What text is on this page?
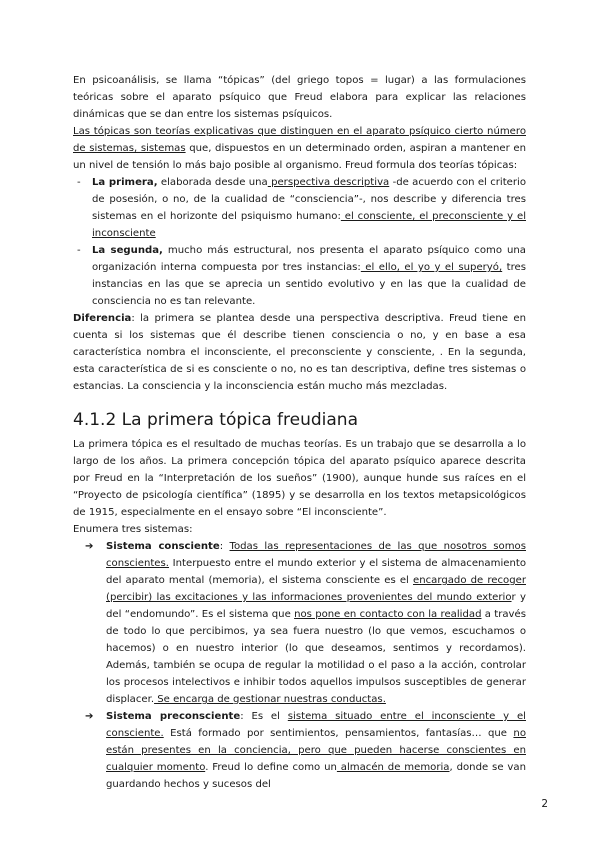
En psicoanálisis, se llama “tópicas” (del griego topos = lugar) a las formulaciones teóricas sobre el aparato psíquico que Freud elabora para explicar las relaciones dinámicas que se dan entre los sistemas psíquicos.

Las tópicas son teorías explicativas que distinguen en el aparato psíquico cierto número de sistemas, sistemas que, dispuestos en un determinado orden, aspiran a mantener en un nivel de tensión lo más bajo posible al organismo. Freud formula dos teorías tópicas:

- La primera, elaborada desde una perspectiva descriptiva -de acuerdo con el criterio de posesión, o no, de la cualidad de “consciencia”-, nos describe y diferencia tres sistemas en el horizonte del psiquismo humano: el consciente, el preconsciente y el inconsciente
- La segunda, mucho más estructural, nos presenta el aparato psíquico como una organización interna compuesta por tres instancias: el ello, el yo y el superyó, tres instancias en las que se aprecia un sentido evolutivo y en las que la cualidad de consciencia no es tan relevante.

Diferencia: la primera se plantea desde una perspectiva descriptiva. Freud tiene en cuenta si los sistemas que él describe tienen consciencia o no, y en base a esa característica nombra el inconsciente, el preconsciente y consciente, . En la segunda, esta característica de si es consciente o no, no es tan descriptiva, define tres sistemas o estancias. La consciencia y la inconsciencia están mucho más mezcladas.

4.1.2 La primera tópica freudiana

La primera tópica es el resultado de muchas teorías. Es un trabajo que se desarrolla a lo largo de los años. La primera concepción tópica del aparato psíquico aparece descrita por Freud en la “Interpretación de los sueños” (1900), aunque hunde sus raíces en el “Proyecto de psicología científica” (1895) y se desarrolla en los textos metapsicológicos de 1915, especialmente en el ensayo sobre “El inconsciente”.

Enumera tres sistemas:

➔ Sistema consciente: Todas las representaciones de las que nosotros somos conscientes. Interpuesto entre el mundo exterior y el sistema de almacenamiento del aparato mental (memoria), el sistema consciente es el encargado de recoger (percibir) las excitaciones y las informaciones provenientes del mundo exterior y del “endomundo”. Es el sistema que nos pone en contacto con la realidad a través de todo lo que percibimos, ya sea fuera nuestro (lo que vemos, escuchamos o hacemos) o en nuestro interior (lo que deseamos, sentimos y recordamos). Además, también se ocupa de regular la motilidad o el paso a la acción, controlar los procesos intelectivos e inhibir todos aquellos impulsos susceptibles de generar displacer. Se encarga de gestionar nuestras conductas.
➔ Sistema preconsciente: Es el sistema situado entre el inconsciente y el consciente. Está formado por sentimientos, pensamientos, fantasías… que no están presentes en la conciencia, pero que pueden hacerse conscientes en cualquier momento. Freud lo define como un almacén de memoria, donde se van guardando hechos y sucesos del
2
